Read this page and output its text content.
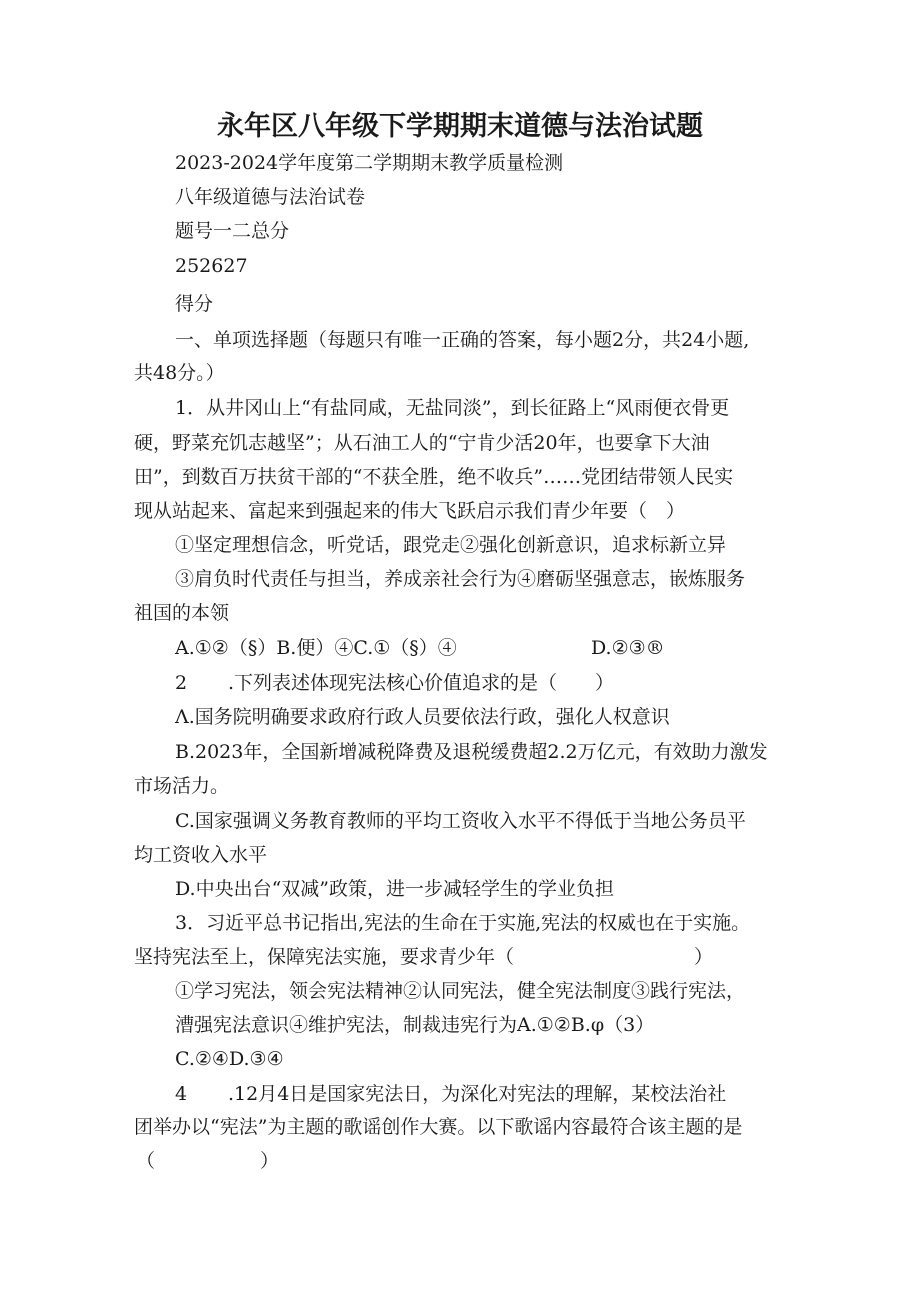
永年区八年级下学期期末道德与法治试题
2023-2024学年度第二学期期末教学质量检测
八年级道德与法治试卷
题号一二总分
252627
得分
一、单项选择题（每题只有唯一正确的答案，每小题2分，共24小题,
共48分。）
1．从井冈山上“有盐同咸，无盐同淡”，到长征路上“风雨便衣骨更
硬，野菜充饥志越坚”；从石油工人的“宁肯少活20年，也要拿下大油
田”，到数百万扶贫干部的“不获全胜，绝不收兵”……党团结带领人民实
现从站起来、富起来到强起来的伟大飞跃启示我们青少年要（　）
①坚定理想信念，听党话，跟党走②强化创新意识，追求标新立异
③肩负时代责任与担当，养成亲社会行为④磨砺坚强意志，嵌炼服务
祖国的本领
A.①②（§）B.便）④C.①（§）④	D.②③®
2 .下列表述体现宪法核心价值追求的是（　　）
Λ.国务院明确要求政府行政人员要依法行政，强化人权意识
B.2023年，全国新增减税降费及退税缓费超2.2万亿元，有效助力激发
市场活力。
C.国家强调义务教育教师的平均工资收入水平不得低于当地公务员平
均工资收入水平
D.中央出台“双减”政策，进一步减轻学生的学业负担
3．习近平总书记指出,宪法的生命在于实施,宪法的权威也在于实施。
坚持宪法至上，保障宪法实施，要求青少年（	）
①学习宪法，领会宪法精神②认同宪法，健全宪法制度③践行宪法，
漕强宪法意识④维护宪法，制裁违宪行为A.①②B.φ（3）
C.②④D.③④
4 .12月4日是国家宪法日，为深化对宪法的理解，某校法治社
团举办以“宪法”为主题的歌谣创作大赛。以下歌谣内容最符合该主题的是
（	）
